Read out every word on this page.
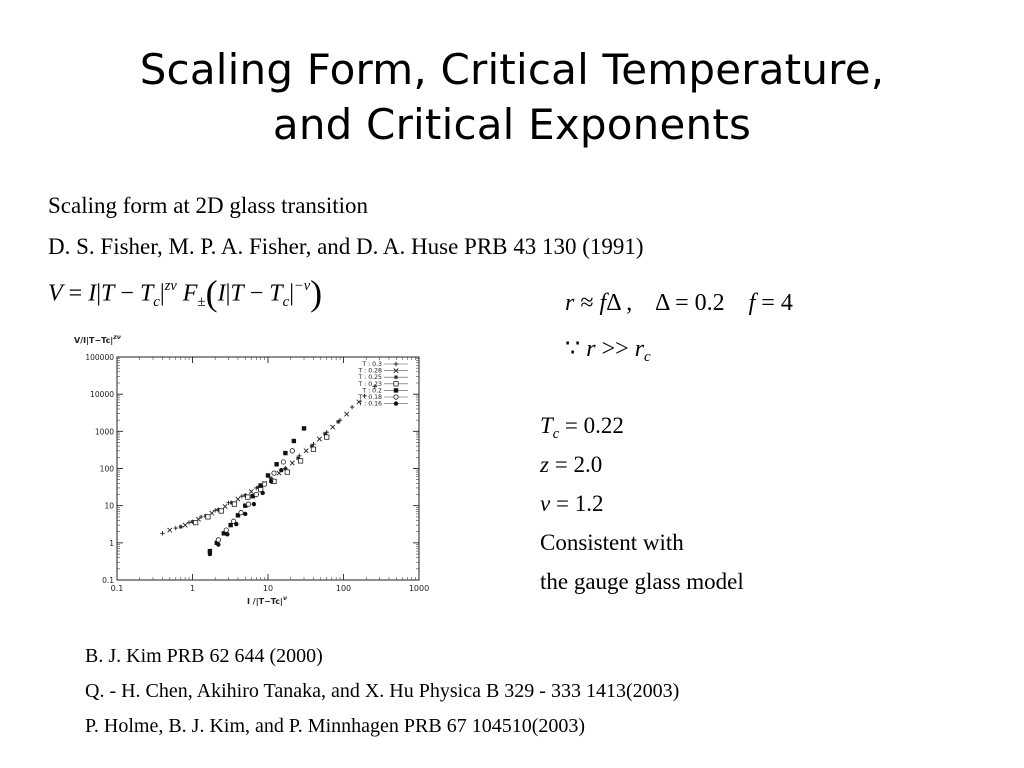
Scaling Form, Critical Temperature,
and Critical Exponents
Scaling form at 2D glass transition
D. S. Fisher, M. P. A. Fisher, and D. A. Huse PRB 43 130 (1991)
$V = I|T - T_c|^{z\nu}$ $F_\pm(I|T - T_c|^{-\nu})$	r ≈ fΔ ,    Δ = 0.2 f = 4
∵ $r >> r_c$
$T_c = 0.22$
z = 2.0
ν = 1.2
Consistent with
the gauge glass model
B. J. Kim PRB 62 644 (2000)
Q. - H. Chen, Akihiro Tanaka, and X. Hu Physica B 329 - 333 1413(2003)
P. Holme, B. J. Kim, and P. Minnhagen PRB 67 104510(2003)
0.1	1	10	100	1000
0.1
1
10
100
1000
10000
100000
$V/I|T-Tc|^{z\nu}$
I $/|T-Tc|^\nu$
T : 0.3
T : 0.28
T : 0.25
T : 0.23
T : 0.2
T : 0.18
T : 0.16
